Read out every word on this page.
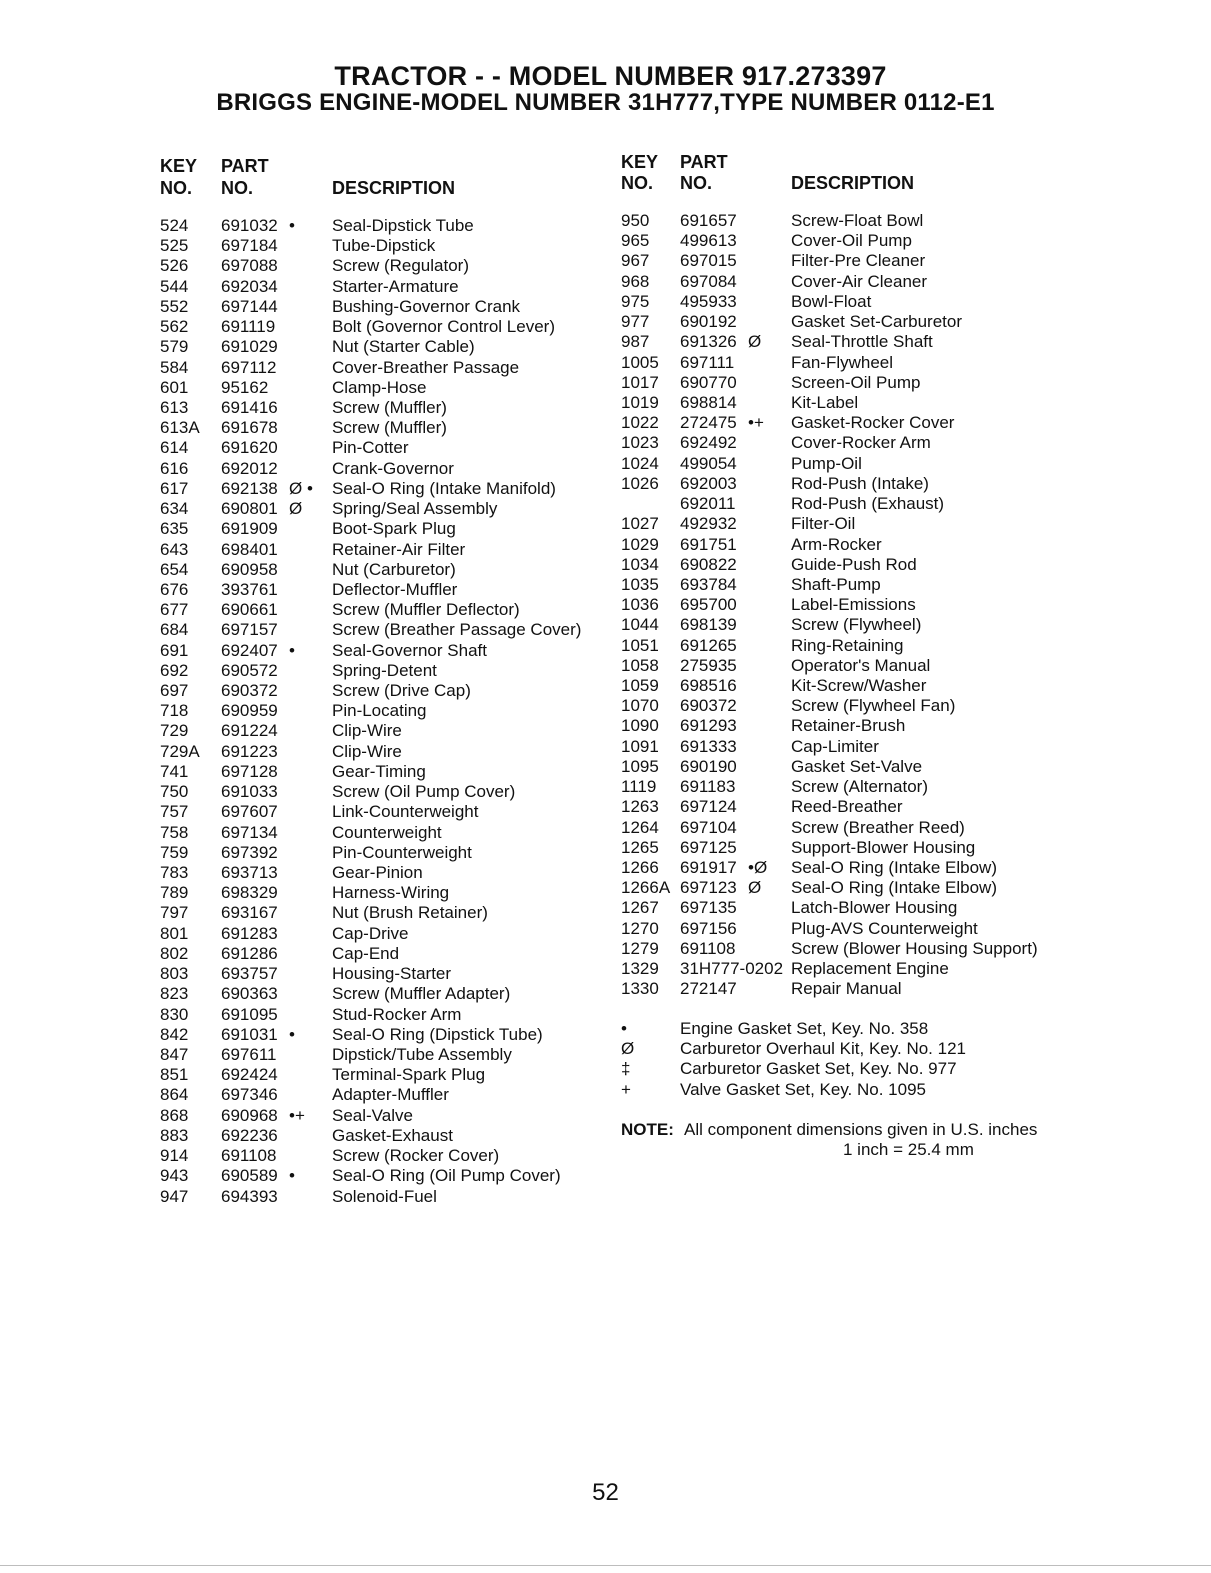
TRACTOR - - MODEL NUMBER 917.273397
BRIGGS ENGINE-MODEL NUMBER 31H777,TYPE NUMBER 0112-E1
KEY
NO.
PART
NO.	DESCRIPTION
KEY
NO.
PART
NO.	DESCRIPTION
524 691032 • Seal-Dipstick Tube
525 697184	Tube-Dipstick
526 697088	Screw (Regulator)
544 692034	Starter-Armature
552 697144	Bushing-Governor Crank
562 691119	Bolt (Governor Control Lever)
579 691029	Nut (Starter Cable)
584 697112	Cover-Breather Passage
601 95162	Clamp-Hose
613 691416	Screw (Muffler)
613A 691678	Screw (Muffler)
614 691620	Pin-Cotter
616 692012	Crank-Governor
617 692138 Ø • Seal-O Ring (Intake Manifold)
634 690801 Ø Spring/Seal Assembly
635 691909	Boot-Spark Plug
643 698401	Retainer-Air Filter
654 690958	Nut (Carburetor)
676 393761	Deflector-Muffler
677 690661	Screw (Muffler Deflector)
684 697157	Screw (Breather Passage Cover)
691 692407 • Seal-Governor Shaft
692 690572	Spring-Detent
697 690372	Screw (Drive Cap)
718 690959	Pin-Locating
729 691224	Clip-Wire
729A 691223	Clip-Wire
741 697128	Gear-Timing
750 691033	Screw (Oil Pump Cover)
757 697607	Link-Counterweight
758 697134	Counterweight
759 697392	Pin-Counterweight
783 693713	Gear-Pinion
789 698329	Harness-Wiring
797 693167	Nut (Brush Retainer)
801 691283	Cap-Drive
802 691286	Cap-End
803 693757	Housing-Starter
823 690363	Screw (Muffler Adapter)
830 691095	Stud-Rocker Arm
842 691031 • Seal-O Ring (Dipstick Tube)
847 697611	Dipstick/Tube Assembly
851 692424	Terminal-Spark Plug
864 697346	Adapter-Muffler
868 690968 •+ Seal-Valve
883 692236	Gasket-Exhaust
914 691108	Screw (Rocker Cover)
943 690589 • Seal-O Ring (Oil Pump Cover)
947 694393	Solenoid-Fuel
950 691657	Screw-Float Bowl
965 499613	Cover-Oil Pump
967 697015	Filter-Pre Cleaner
968 697084	Cover-Air Cleaner
975 495933	Bowl-Float
977 690192	Gasket Set-Carburetor
987 691326 Ø Seal-Throttle Shaft
1005 697111	Fan-Flywheel
1017 690770	Screen-Oil Pump
1019 698814	Kit-Label
1022 272475 •+ Gasket-Rocker Cover
1023 692492	Cover-Rocker Arm
1024 499054	Pump-Oil
1026 692003	Rod-Push (Intake)
692011	Rod-Push (Exhaust)
1027 492932	Filter-Oil
1029 691751	Arm-Rocker
1034 690822	Guide-Push Rod
1035 693784	Shaft-Pump
1036 695700	Label-Emissions
1044 698139	Screw (Flywheel)
1051 691265	Ring-Retaining
1058 275935	Operator's Manual
1059 698516	Kit-Screw/Washer
1070 690372	Screw (Flywheel Fan)
1090 691293	Retainer-Brush
1091 691333	Cap-Limiter
1095 690190	Gasket Set-Valve
1119 691183	Screw (Alternator)
1263 697124	Reed-Breather
1264 697104	Screw (Breather Reed)
1265 697125	Support-Blower Housing
1266 691917 •Ø Seal-O Ring (Intake Elbow)
1266A 697123 Ø Seal-O Ring (Intake Elbow)
1267 697135	Latch-Blower Housing
1270 697156	Plug-AVS Counterweight
1279 691108	Screw (Blower Housing Support)
1329 31H777-0202 Replacement Engine
1330 272147	Repair Manual
•	Engine Gasket Set, Key. No. 358
Ø	Carburetor Overhaul Kit, Key. No. 121
‡	Carburetor Gasket Set, Key. No. 977
+	Valve Gasket Set, Key. No. 1095
NOTE: All component dimensions given in U.S. inches
1 inch = 25.4 mm
52
